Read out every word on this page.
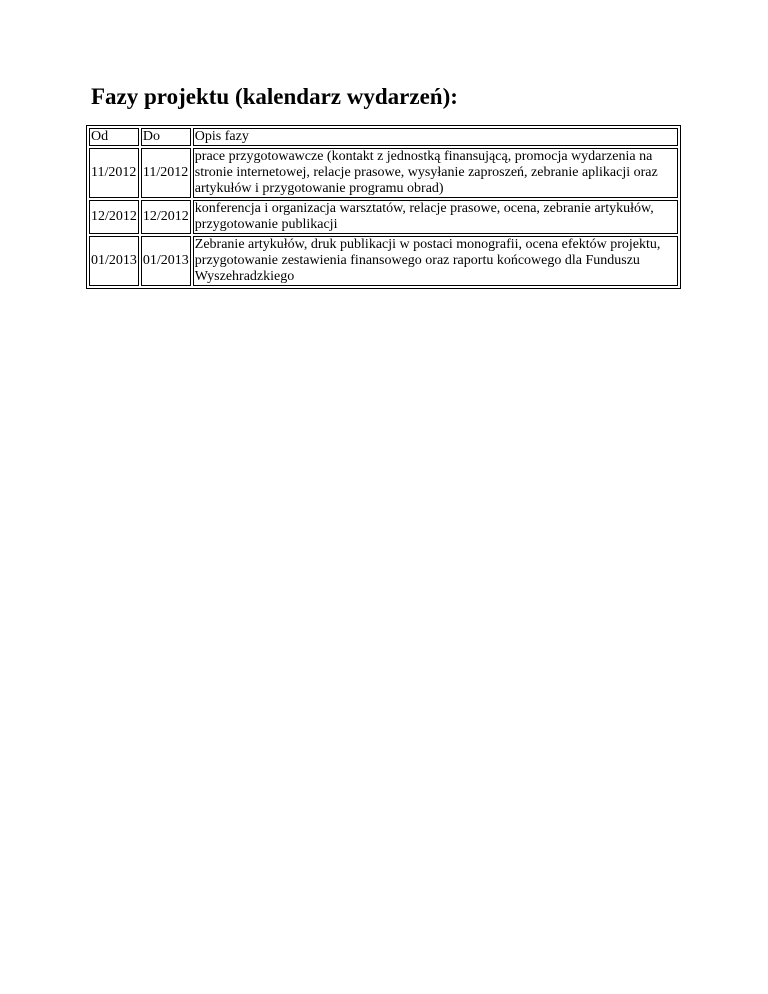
Fazy projektu (kalendarz wydarzeń):
Od	Do	Opis fazy
11/2012	11/2012	prace przygotowawcze (kontakt z jednostką finansującą, promocja wydarzenia na stronie internetowej, relacje prasowe, wysyłanie zaproszeń, zebranie aplikacji oraz artykułów i przygotowanie programu obrad)
12/2012	12/2012	konferencja i organizacja warsztatów, relacje prasowe, ocena, zebranie artykułów, przygotowanie publikacji
01/2013	01/2013	Zebranie artykułów, druk publikacji w postaci monografii, ocena efektów projektu, przygotowanie zestawienia finansowego oraz raportu końcowego dla Funduszu Wyszehradzkiego
